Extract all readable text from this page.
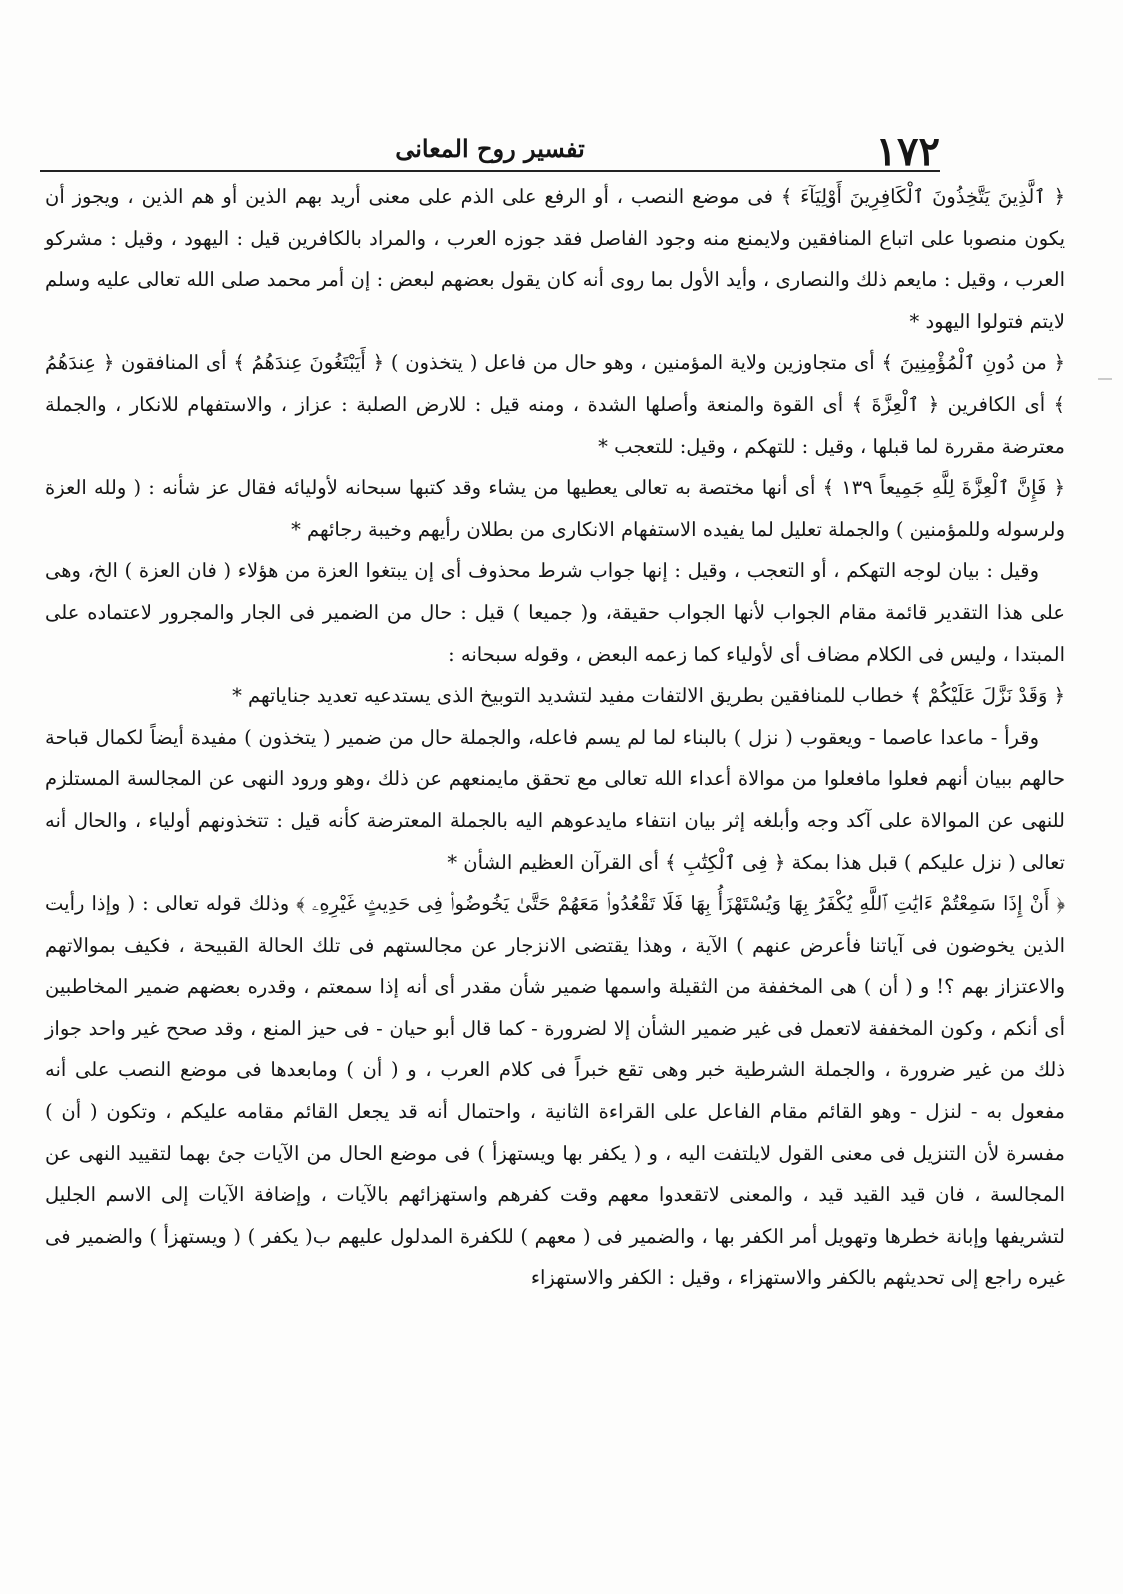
١٧٢
تفسير روح المعانى

﴿ ٱلَّذِينَ يَتَّخِذُونَ ٱلْكَافِرِينَ أَوْلِيَآءَ ﴾ فى موضع النصب ، أو الرفع على الذم على معنى أريد بهم الذين أو هم الذين ، ويجوز أن يكون منصوبا على اتباع المنافقين ولايمنع منه وجود الفاصل فقد جوزه العرب ، والمراد بالكافرين قيل : اليهود ، وقيل : مشركو العرب ، وقيل : مايعم ذلك والنصارى ، وأيد الأول بما روى أنه كان يقول بعضهم لبعض : إن أمر محمد صلى الله تعالى عليه وسلم لايتم فتولوا اليهود *

﴿ من دُونِ ٱلْمُؤْمِنِينَ ﴾ أى متجاوزين ولاية المؤمنين ، وهو حال من فاعل ( يتخذون ) ﴿ أَيَبْتَغُونَ عِندَهُمُ ﴾ أى المنافقون ﴿ عِندَهُمُ ﴾ أى الكافرين ﴿ ٱلْعِزَّةَ ﴾ أى القوة والمنعة وأصلها الشدة ، ومنه قيل : للارض الصلبة : عزاز ، والاستفهام للانكار ، والجملة معترضة مقررة لما قبلها ، وقيل : للتهكم ، وقيل: للتعجب *

﴿ فَإِنَّ ٱلْعِزَّةَ لِلَّهِ جَمِيعاً ١٣٩ ﴾ أى أنها مختصة به تعالى يعطيها من يشاء وقد كتبها سبحانه لأوليائه فقال عز شأنه : ( ولله العزة ولرسوله وللمؤمنين ) والجملة تعليل لما يفيده الاستفهام الانكارى من بطلان رأيهم وخيبة رجائهم *

وقيل : بيان لوجه التهكم ، أو التعجب ، وقيل : إنها جواب شرط محذوف أى إن يبتغوا العزة من هؤلاء ( فان العزة ) الخ، وهى على هذا التقدير قائمة مقام الجواب لأنها الجواب حقيقة، و( جميعا ) قيل : حال من الضمير فى الجار والمجرور لاعتماده على المبتدا ، وليس فى الكلام مضاف أى لأولياء كما زعمه البعض ، وقوله سبحانه :

﴿ وَقَدْ نَزَّلَ عَلَيْكُمْ ﴾ خطاب للمنافقين بطريق الالتفات مفيد لتشديد التوبيخ الذى يستدعيه تعديد جناياتهم *

وقرأ - ماعدا عاصما - ويعقوب ( نزل ) بالبناء لما لم يسم فاعله، والجملة حال من ضمير ( يتخذون ) مفيدة أيضاً لكمال قباحة حالهم ببيان أنهم فعلوا مافعلوا من موالاة أعداء الله تعالى مع تحقق مايمنعهم عن ذلك ،وهو ورود النهى عن المجالسة المستلزم للنهى عن الموالاة على آكد وجه وأبلغه إثر بيان انتفاء مايدعوهم اليه بالجملة المعترضة كأنه قيل : تتخذونهم أولياء ، والحال أنه تعالى ( نزل عليكم ) قبل هذا بمكة ﴿ فِى ٱلْكِتَٰبِ ﴾ أى القرآن العظيم الشأن *

﴿ أَنْ إِذَا سَمِعْتُمْ ءَايَٰتِ ٱللَّهِ يُكْفَرُ بِهَا وَيُسْتَهْزَأُ بِهَا فَلَا تَقْعُدُوا۟ مَعَهُمْ حَتَّىٰ يَخُوضُوا۟ فِى حَدِيثٍ غَيْرِهِۦ ﴾ وذلك قوله تعالى : ( وإذا رأيت الذين يخوضون فى آياتنا فأعرض عنهم ) الآية ، وهذا يقتضى الانزجار عن مجالستهم فى تلك الحالة القبيحة ، فكيف بموالاتهم والاعتزاز بهم ؟! و ( أن ) هى المخففة من الثقيلة واسمها ضمير شأن مقدر أى أنه إذا سمعتم ، وقدره بعضهم ضمير المخاطبين أى أنكم ، وكون المخففة لاتعمل فى غير ضمير الشأن إلا لضرورة - كما قال أبو حيان - فى حيز المنع ، وقد صحح غير واحد جواز ذلك من غير ضرورة ، والجملة الشرطية خبر وهى تقع خبراً فى كلام العرب ، و ( أن ) ومابعدها فى موضع النصب على أنه مفعول به - لنزل - وهو القائم مقام الفاعل على القراءة الثانية ، واحتمال أنه قد يجعل القائم مقامه عليكم ، وتكون ( أن ) مفسرة لأن التنزيل فى معنى القول لايلتفت اليه ، و ( يكفر بها ويستهزأ ) فى موضع الحال من الآيات جئ بهما لتقييد النهى عن المجالسة ، فان قيد القيد قيد ، والمعنى لاتقعدوا معهم وقت كفرهم واستهزائهم بالآيات ، وإضافة الآيات إلى الاسم الجليل لتشريفها وإبانة خطرها وتهويل أمر الكفر بها ، والضمير فى ( معهم ) للكفرة المدلول عليهم ب( يكفر ) ( ويستهزأ ) والضمير فى غيره راجع إلى تحديثهم بالكفر والاستهزاء ، وقيل : الكفر والاستهزاء
